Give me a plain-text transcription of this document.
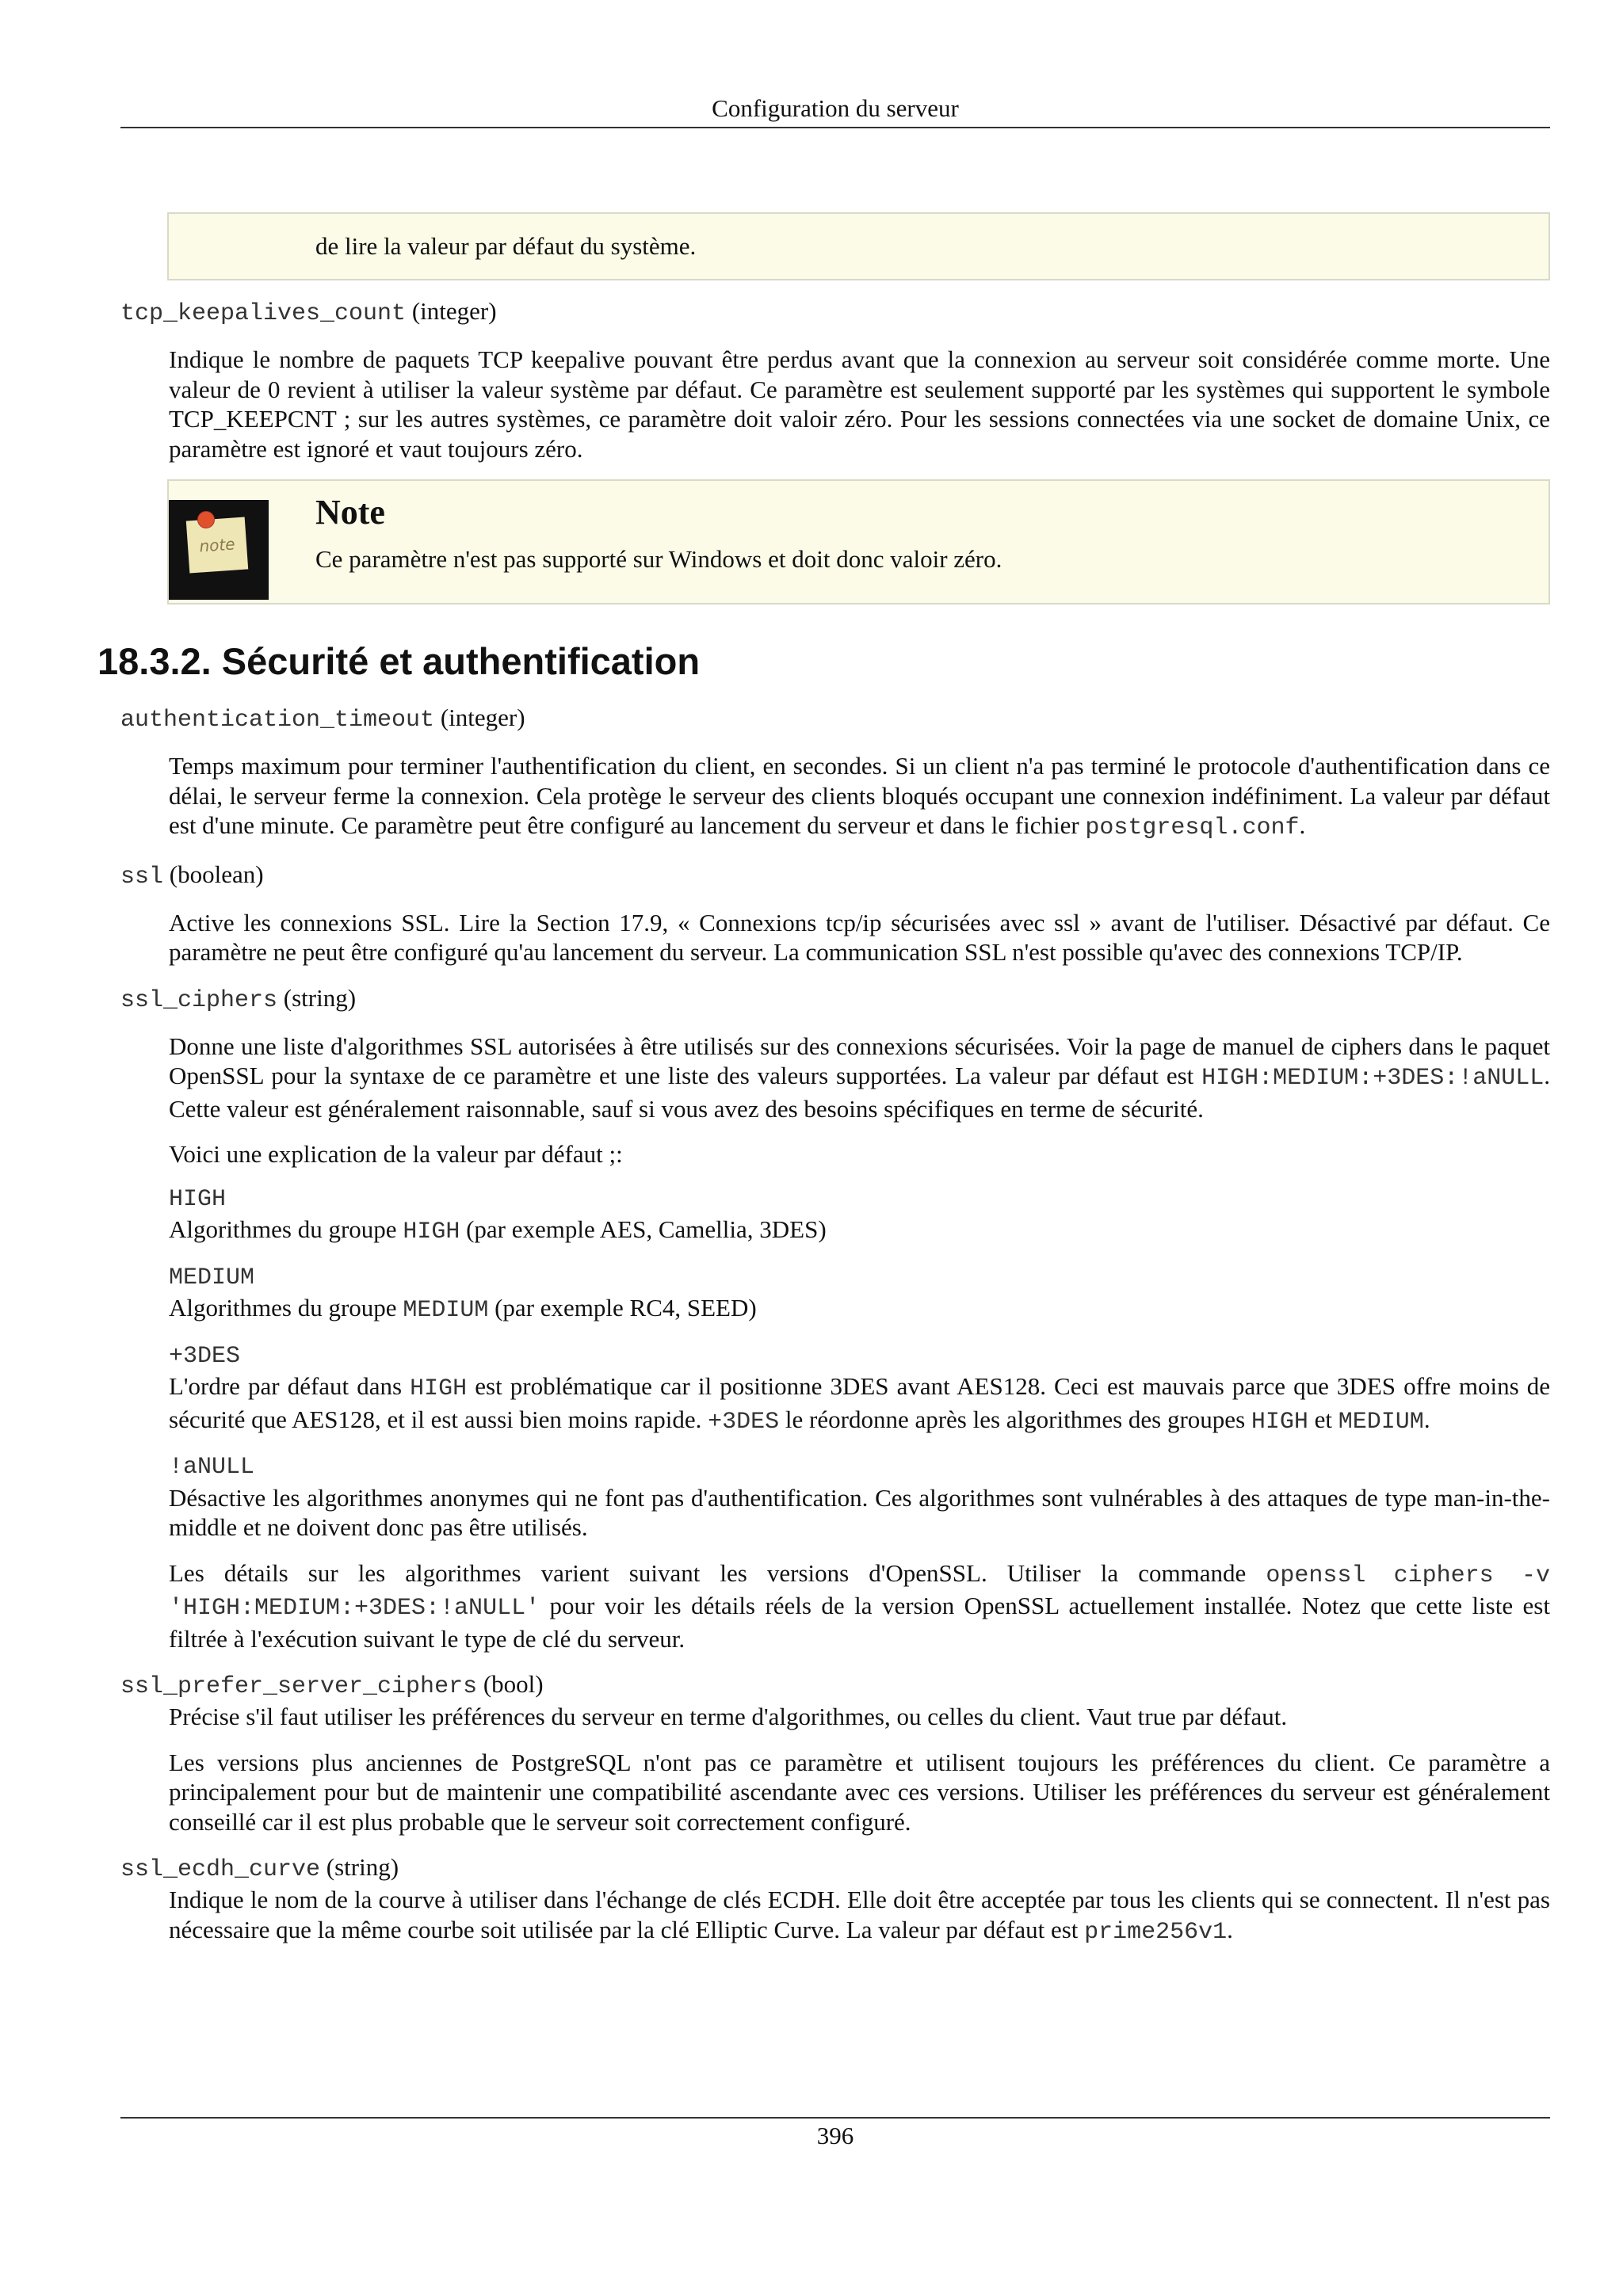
Configuration du serveur

de lire la valeur par défaut du système.

tcp_keepalives_count (integer)

Indique le nombre de paquets TCP keepalive pouvant être perdus avant que la connexion au serveur soit considérée comme morte. Une valeur de 0 revient à utiliser la valeur système par défaut. Ce paramètre est seulement supporté par les systèmes qui supportent le symbole TCP_KEEPCNT ; sur les autres systèmes, ce paramètre doit valoir zéro. Pour les sessions connectées via une socket de domaine Unix, ce paramètre est ignoré et vaut toujours zéro.

note
Note

Ce paramètre n'est pas supporté sur Windows et doit donc valoir zéro.

18.3.2. Sécurité et authentification

authentication_timeout (integer)

Temps maximum pour terminer l'authentification du client, en secondes. Si un client n'a pas terminé le protocole d'authentification dans ce délai, le serveur ferme la connexion. Cela protège le serveur des clients bloqués occupant une connexion indéfiniment. La valeur par défaut est d'une minute. Ce paramètre peut être configuré au lancement du serveur et dans le fichier postgresql.conf.

ssl (boolean)

Active les connexions SSL. Lire la Section 17.9, « Connexions tcp/ip sécurisées avec ssl » avant de l'utiliser. Désactivé par défaut. Ce paramètre ne peut être configuré qu'au lancement du serveur. La communication SSL n'est possible qu'avec des connexions TCP/IP.

ssl_ciphers (string)

Donne une liste d'algorithmes SSL autorisées à être utilisés sur des connexions sécurisées. Voir la page de manuel de ciphers dans le paquet OpenSSL pour la syntaxe de ce paramètre et une liste des valeurs supportées. La valeur par défaut est HIGH:MEDIUM:+3DES:!aNULL. Cette valeur est généralement raisonnable, sauf si vous avez des besoins spécifiques en terme de sécurité.

Voici une explication de la valeur par défaut ;:

HIGH

Algorithmes du groupe HIGH (par exemple AES, Camellia, 3DES)

MEDIUM

Algorithmes du groupe MEDIUM (par exemple RC4, SEED)

+3DES

L'ordre par défaut dans HIGH est problématique car il positionne 3DES avant AES128. Ceci est mauvais parce que 3DES offre moins de sécurité que AES128, et il est aussi bien moins rapide. +3DES le réordonne après les algorithmes des groupes HIGH et MEDIUM.

!aNULL

Désactive les algorithmes anonymes qui ne font pas d'authentification. Ces algorithmes sont vulnérables à des attaques de type man-in-the-middle et ne doivent donc pas être utilisés.

Les détails sur les algorithmes varient suivant les versions d'OpenSSL. Utiliser la commande openssl ciphers -v 'HIGH:MEDIUM:+3DES:!aNULL' pour voir les détails réels de la version OpenSSL actuellement installée. Notez que cette liste est filtrée à l'exécution suivant le type de clé du serveur.

ssl_prefer_server_ciphers (bool)

Précise s'il faut utiliser les préférences du serveur en terme d'algorithmes, ou celles du client. Vaut true par défaut.

Les versions plus anciennes de PostgreSQL n'ont pas ce paramètre et utilisent toujours les préférences du client. Ce paramètre a principalement pour but de maintenir une compatibilité ascendante avec ces versions. Utiliser les préférences du serveur est généralement conseillé car il est plus probable que le serveur soit correctement configuré.

ssl_ecdh_curve (string)

Indique le nom de la courve à utiliser dans l'échange de clés ECDH. Elle doit être acceptée par tous les clients qui se connectent. Il n'est pas nécessaire que la même courbe soit utilisée par la clé Elliptic Curve. La valeur par défaut est prime256v1.

396
